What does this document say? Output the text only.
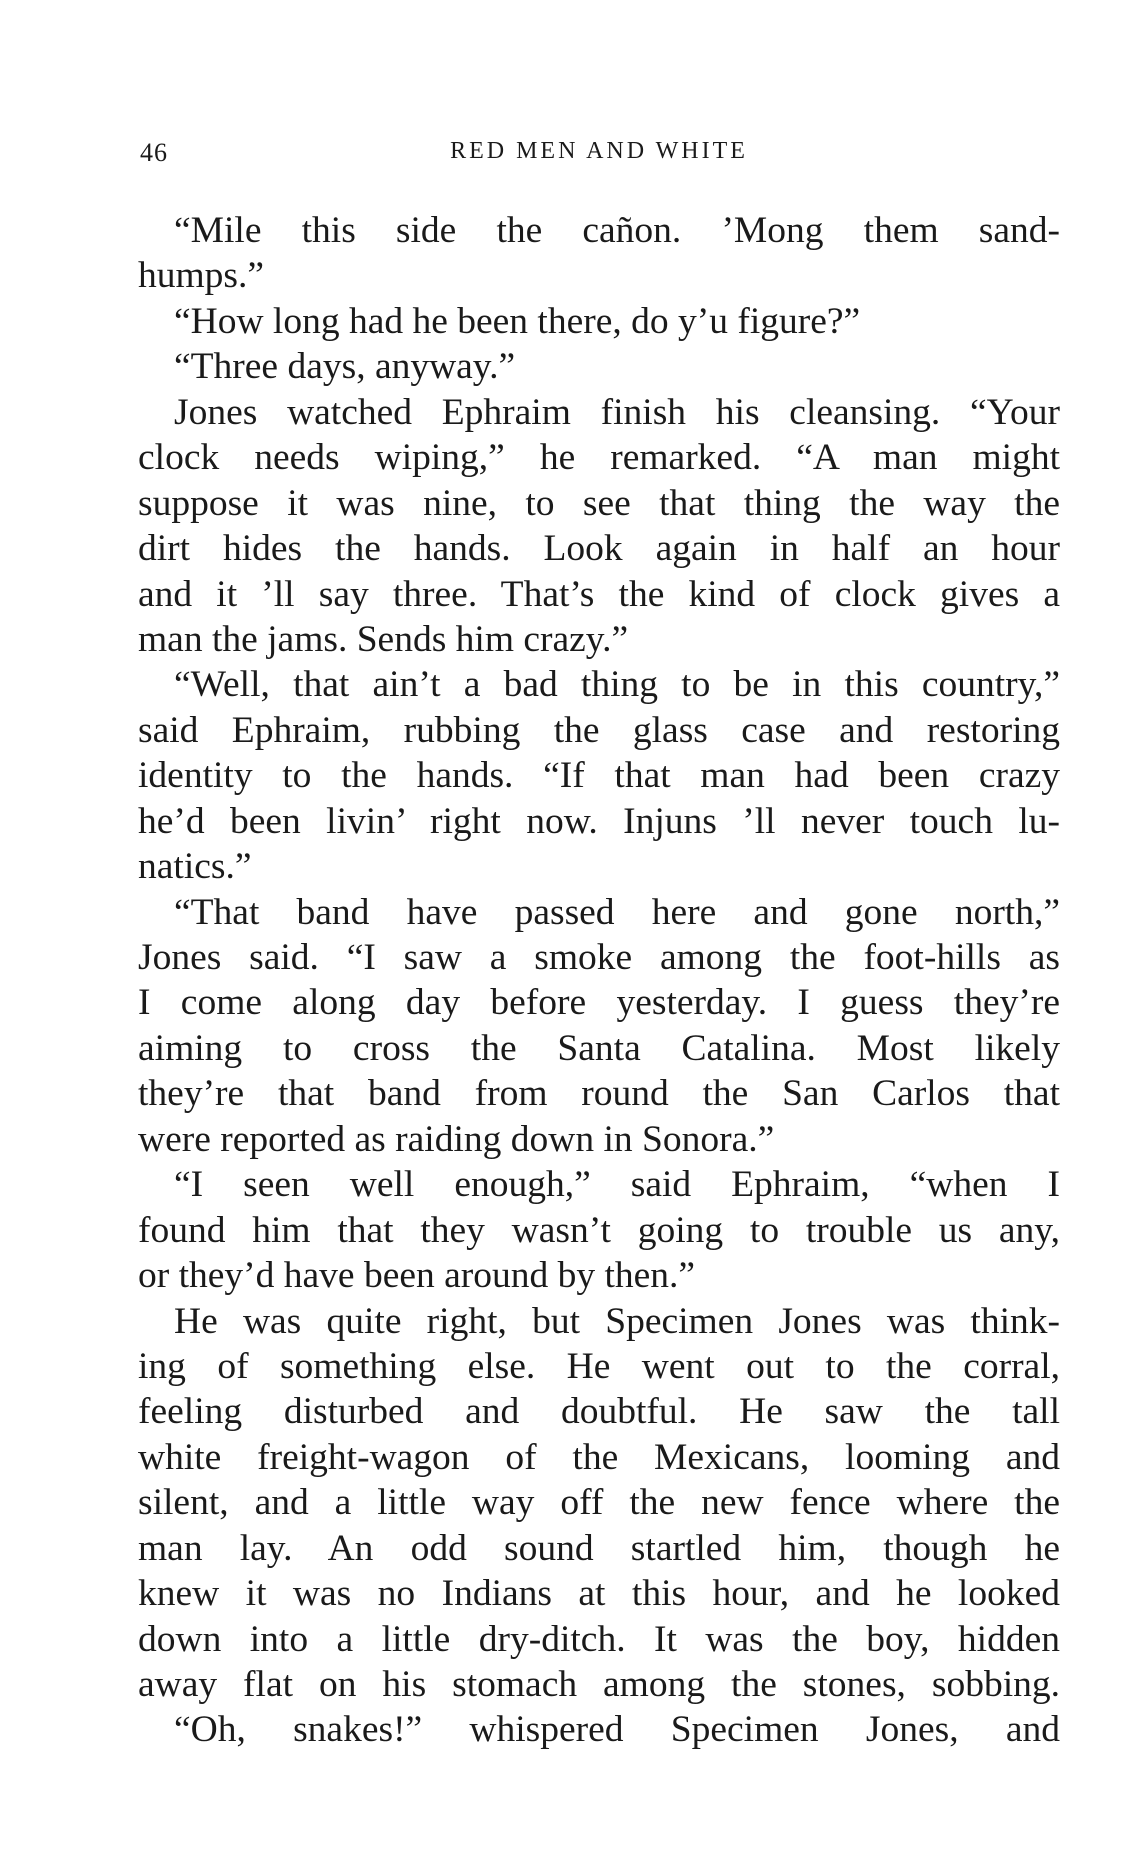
46	RED MEN AND WHITE
“Mile this side the cañon. ’Mong them sand-
humps.”
“How long had he been there, do y’u figure?”
“Three days, anyway.”
Jones watched Ephraim finish his cleansing. “Your
clock needs wiping,” he remarked. “A man might
suppose it was nine, to see that thing the way the
dirt hides the hands. Look again in half an hour
and it ’ll say three. That’s the kind of clock gives a
man the jams. Sends him crazy.”
“Well, that ain’t a bad thing to be in this country,”
said Ephraim, rubbing the glass case and restoring
identity to the hands. “If that man had been crazy
he’d been livin’ right now. Injuns ’ll never touch lu-
natics.”
“That band have passed here and gone north,”
Jones said. “I saw a smoke among the foot-hills as
I come along day before yesterday. I guess they’re
aiming to cross the Santa Catalina. Most likely
they’re that band from round the San Carlos that
were reported as raiding down in Sonora.”
“I seen well enough,” said Ephraim, “when I
found him that they wasn’t going to trouble us any,
or they’d have been around by then.”
He was quite right, but Specimen Jones was think-
ing of something else. He went out to the corral,
feeling disturbed and doubtful. He saw the tall
white freight-wagon of the Mexicans, looming and
silent, and a little way off the new fence where the
man lay. An odd sound startled him, though he
knew it was no Indians at this hour, and he looked
down into a little dry-ditch. It was the boy, hidden
away flat on his stomach among the stones, sobbing.
“Oh, snakes!” whispered Specimen Jones, and
